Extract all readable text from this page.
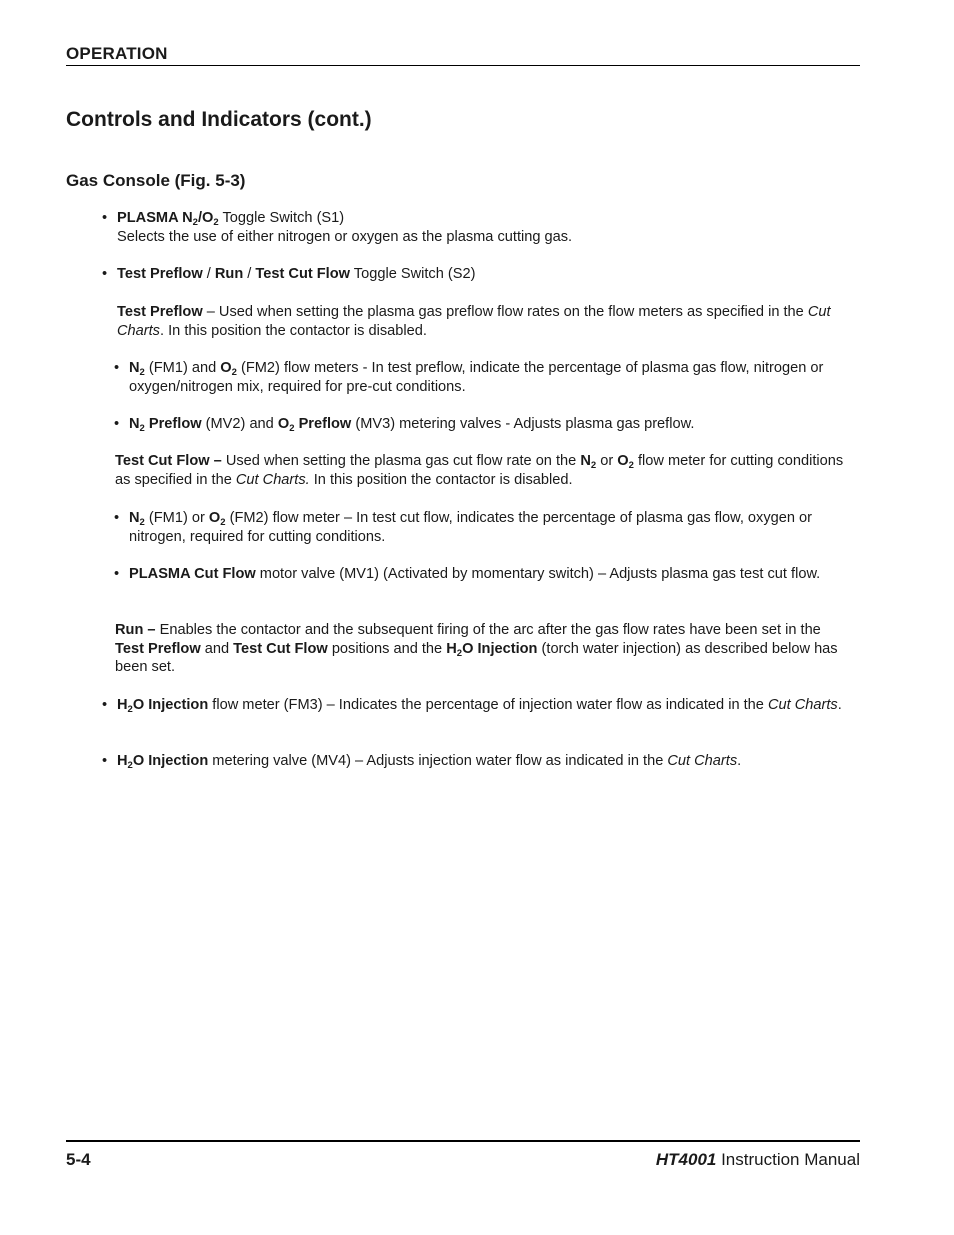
OPERATION
Controls and Indicators (cont.)
Gas Console (Fig. 5-3)
• PLASMA $N_2/O_2$ Toggle Switch (S1)
Selects the use of either nitrogen or oxygen as the plasma cutting gas.
• Test Preflow / Run / Test Cut Flow Toggle Switch (S2)
Test Preflow – Used when setting the plasma gas preflow flow rates on the flow meters as specified in the Cut Charts. In this position the contactor is disabled.
• $N_2$ (FM1) and $O_2$ (FM2) flow meters - In test preflow, indicate the percentage of plasma gas flow, nitrogen or oxygen/nitrogen mix, required for pre-cut conditions.
• $N_2$ Preflow (MV2) and $O_2$ Preflow (MV3) metering valves - Adjusts plasma gas preflow.
Test Cut Flow – Used when setting the plasma gas cut flow rate on the $N_2$ or $O_2$ flow meter for cutting conditions as specified in the Cut Charts. In this position the contactor is disabled.
• $N_2$ (FM1) or $O_2$ (FM2) flow meter – In test cut flow, indicates the percentage of plasma gas flow, oxygen or nitrogen, required for cutting conditions.
• PLASMA Cut Flow motor valve (MV1) (Activated by momentary switch) – Adjusts plasma gas test cut flow.
Run – Enables the contactor and the subsequent firing of the arc after the gas flow rates have been set in the Test Preflow and Test Cut Flow positions and the $H_2O$ Injection (torch water injection) as described below has been set.
• $H_2O$ Injection flow meter (FM3) – Indicates the percentage of injection water flow as indicated in the Cut Charts.
• $H_2O$ Injection metering valve (MV4) – Adjusts injection water flow as indicated in the Cut Charts.
5-4	HT4001 Instruction Manual
